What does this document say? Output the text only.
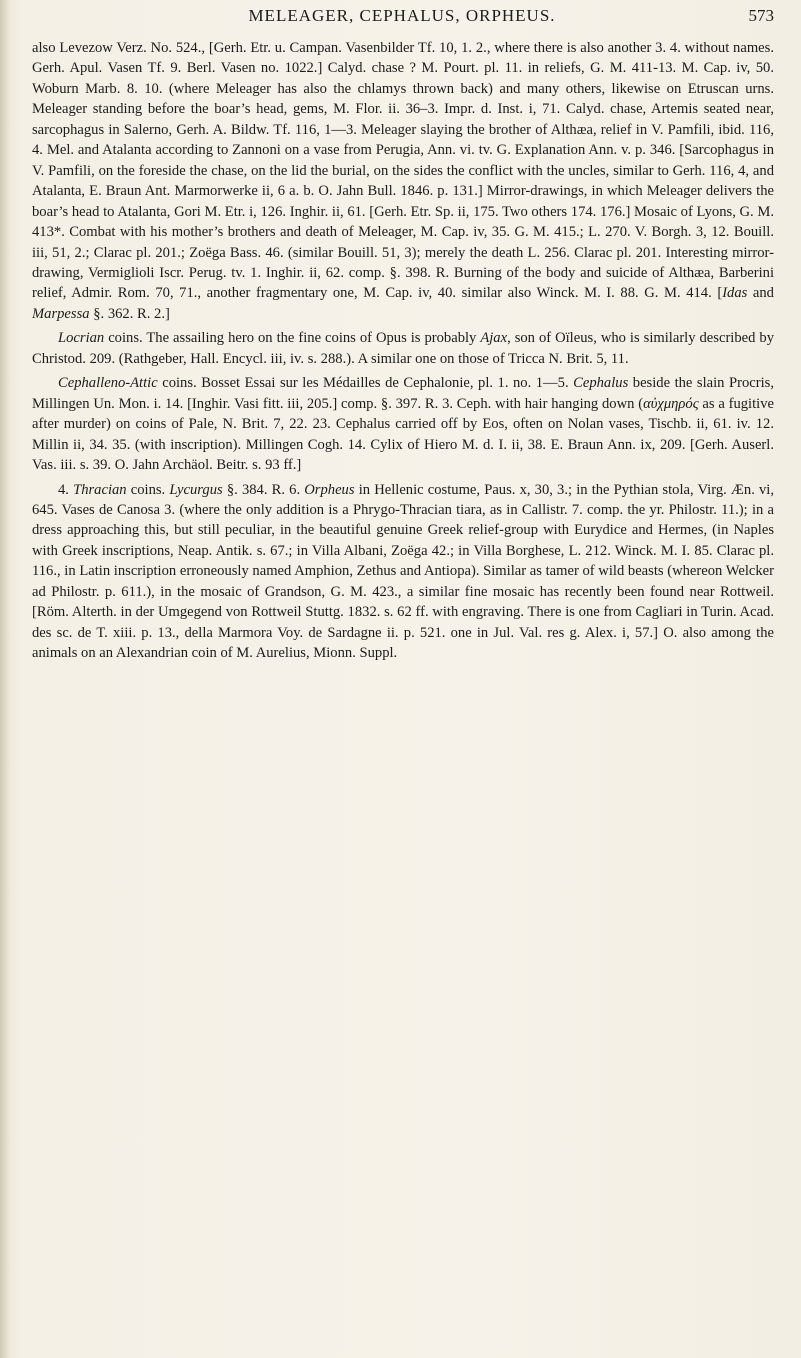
MELEAGER, CEPHALUS, ORPHEUS.	573

also Levezow Verz. No. 524., [Gerh. Etr. u. Campan. Vasenbilder Tf. 10, 1. 2., where there is also another 3. 4. without names. Gerh. Apul. Vasen Tf. 9. Berl. Vasen no. 1022.] Calyd. chase ? M. Pourt. pl. 11. in reliefs, G. M. 411-13. M. Cap. iv, 50. Woburn Marb. 8. 10. (where Meleager has also the chlamys thrown back) and many others, likewise on Etruscan urns. Meleager standing before the boar’s head, gems, M. Flor. ii. 36–3. Impr. d. Inst. i, 71. Calyd. chase, Artemis seated near, sarcophagus in Salerno, Gerh. A. Bildw. Tf. 116, 1—3. Meleager slaying the brother of Althæa, relief in V. Pamfili, ibid. 116, 4. Mel. and Atalanta according to Zannoni on a vase from Perugia, Ann. vi. tv. G. Explanation Ann. v. p. 346. [Sarcophagus in V. Pamfili, on the foreside the chase, on the lid the burial, on the sides the conflict with the uncles, similar to Gerh. 116, 4, and Atalanta, E. Braun Ant. Marmorwerke ii, 6 a. b. O. Jahn Bull. 1846. p. 131.] Mirror-drawings, in which Meleager delivers the boar’s head to Atalanta, Gori M. Etr. i, 126. Inghir. ii, 61. [Gerh. Etr. Sp. ii, 175. Two others 174. 176.] Mosaic of Lyons, G. M. 413*. Combat with his mother’s brothers and death of Meleager, M. Cap. iv, 35. G. M. 415.; L. 270. V. Borgh. 3, 12. Bouill. iii, 51, 2.; Clarac pl. 201.; Zoëga Bass. 46. (similar Bouill. 51, 3); merely the death L. 256. Clarac pl. 201. Interesting mirror-drawing, Vermiglioli Iscr. Perug. tv. 1. Inghir. ii, 62. comp. §. 398. R. Burning of the body and suicide of Althæa, Barberini relief, Admir. Rom. 70, 71., another fragmentary one, M. Cap. iv, 40. similar also Winck. M. I. 88. G. M. 414. [Idas and Marpessa §. 362. R. 2.]

Locrian coins. The assailing hero on the fine coins of Opus is probably Ajax, son of Oïleus, who is similarly described by Christod. 209. (Rathgeber, Hall. Encycl. iii, iv. s. 288.). A similar one on those of Tricca N. Brit. 5, 11.

Cephalleno-Attic coins. Bosset Essai sur les Médailles de Cephalonie, pl. 1. no. 1—5. Cephalus beside the slain Procris, Millingen Un. Mon. i. 14. [Inghir. Vasi fitt. iii, 205.] comp. §. 397. R. 3. Ceph. with hair hanging down (αὐχμηρός as a fugitive after murder) on coins of Pale, N. Brit. 7, 22. 23. Cephalus carried off by Eos, often on Nolan vases, Tischb. ii, 61. iv. 12. Millin ii, 34. 35. (with inscription). Millingen Cogh. 14. Cylix of Hiero M. d. I. ii, 38. E. Braun Ann. ix, 209. [Gerh. Auserl. Vas. iii. s. 39. O. Jahn Archäol. Beitr. s. 93 ff.]

4. Thracian coins. Lycurgus §. 384. R. 6. Orpheus in Hellenic costume, Paus. x, 30, 3.; in the Pythian stola, Virg. Æn. vi, 645. Vases de Canosa 3. (where the only addition is a Phrygo-Thracian tiara, as in Callistr. 7. comp. the yr. Philostr. 11.); in a dress approaching this, but still peculiar, in the beautiful genuine Greek relief-group with Eurydice and Hermes, (in Naples with Greek inscriptions, Neap. Antik. s. 67.; in Villa Albani, Zoëga 42.; in Villa Borghese, L. 212. Winck. M. I. 85. Clarac pl. 116., in Latin inscription erroneously named Amphion, Zethus and Antiopa). Similar as tamer of wild beasts (whereon Welcker ad Philostr. p. 611.), in the mosaic of Grandson, G. M. 423., a similar fine mosaic has recently been found near Rottweil. [Röm. Alterth. in der Umgegend von Rottweil Stuttg. 1832. s. 62 ff. with engraving. There is one from Cagliari in Turin. Acad. des sc. de T. xiii. p. 13., della Marmora Voy. de Sardagne ii. p. 521. one in Jul. Val. res g. Alex. i, 57.] O. also among the animals on an Alexandrian coin of M. Aurelius, Mionn. Suppl.
